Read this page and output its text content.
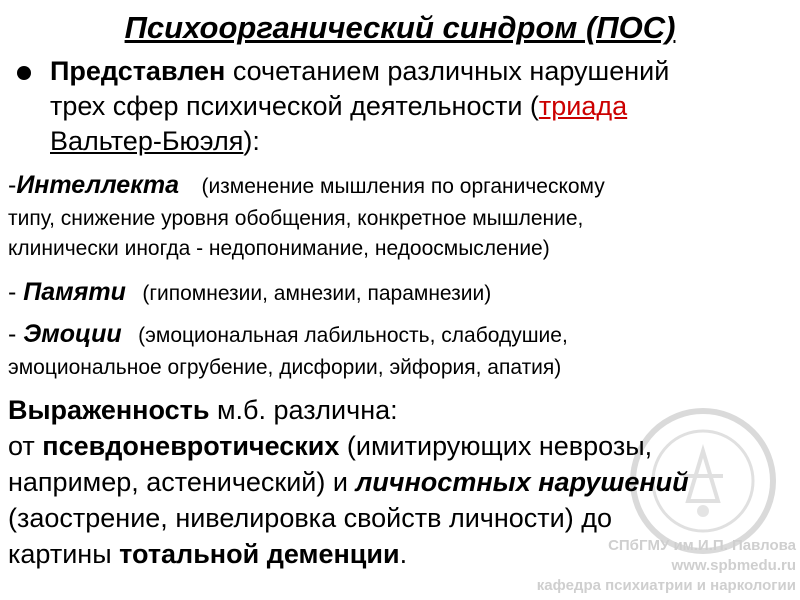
Психоорганический синдром (ПОС)
Представлен сочетанием различных нарушений
трех сфер психической деятельности (триада
Вальтер-Бюэля):
-Интеллекта (изменение мышления по органическому
типу, снижение уровня обобщения, конкретное мышление,
клинически иногда - недопонимание, недоосмысление)
- Памяти (гипомнезии, амнезии, парамнезии)
- Эмоции (эмоциональная лабильность, слабодушие,
эмоциональное огрубение, дисфории, эйфория, апатия)
СПбГМУ им.И.П. Павлова
www.spbmedu.ru
кафедра психиатрии и наркологии
Выраженность м.б. различна:
от псевдоневротических (имитирующих неврозы,
например, астенический) и личностных нарушений
(заострение, нивелировка свойств личности) до
картины тотальной деменции.
